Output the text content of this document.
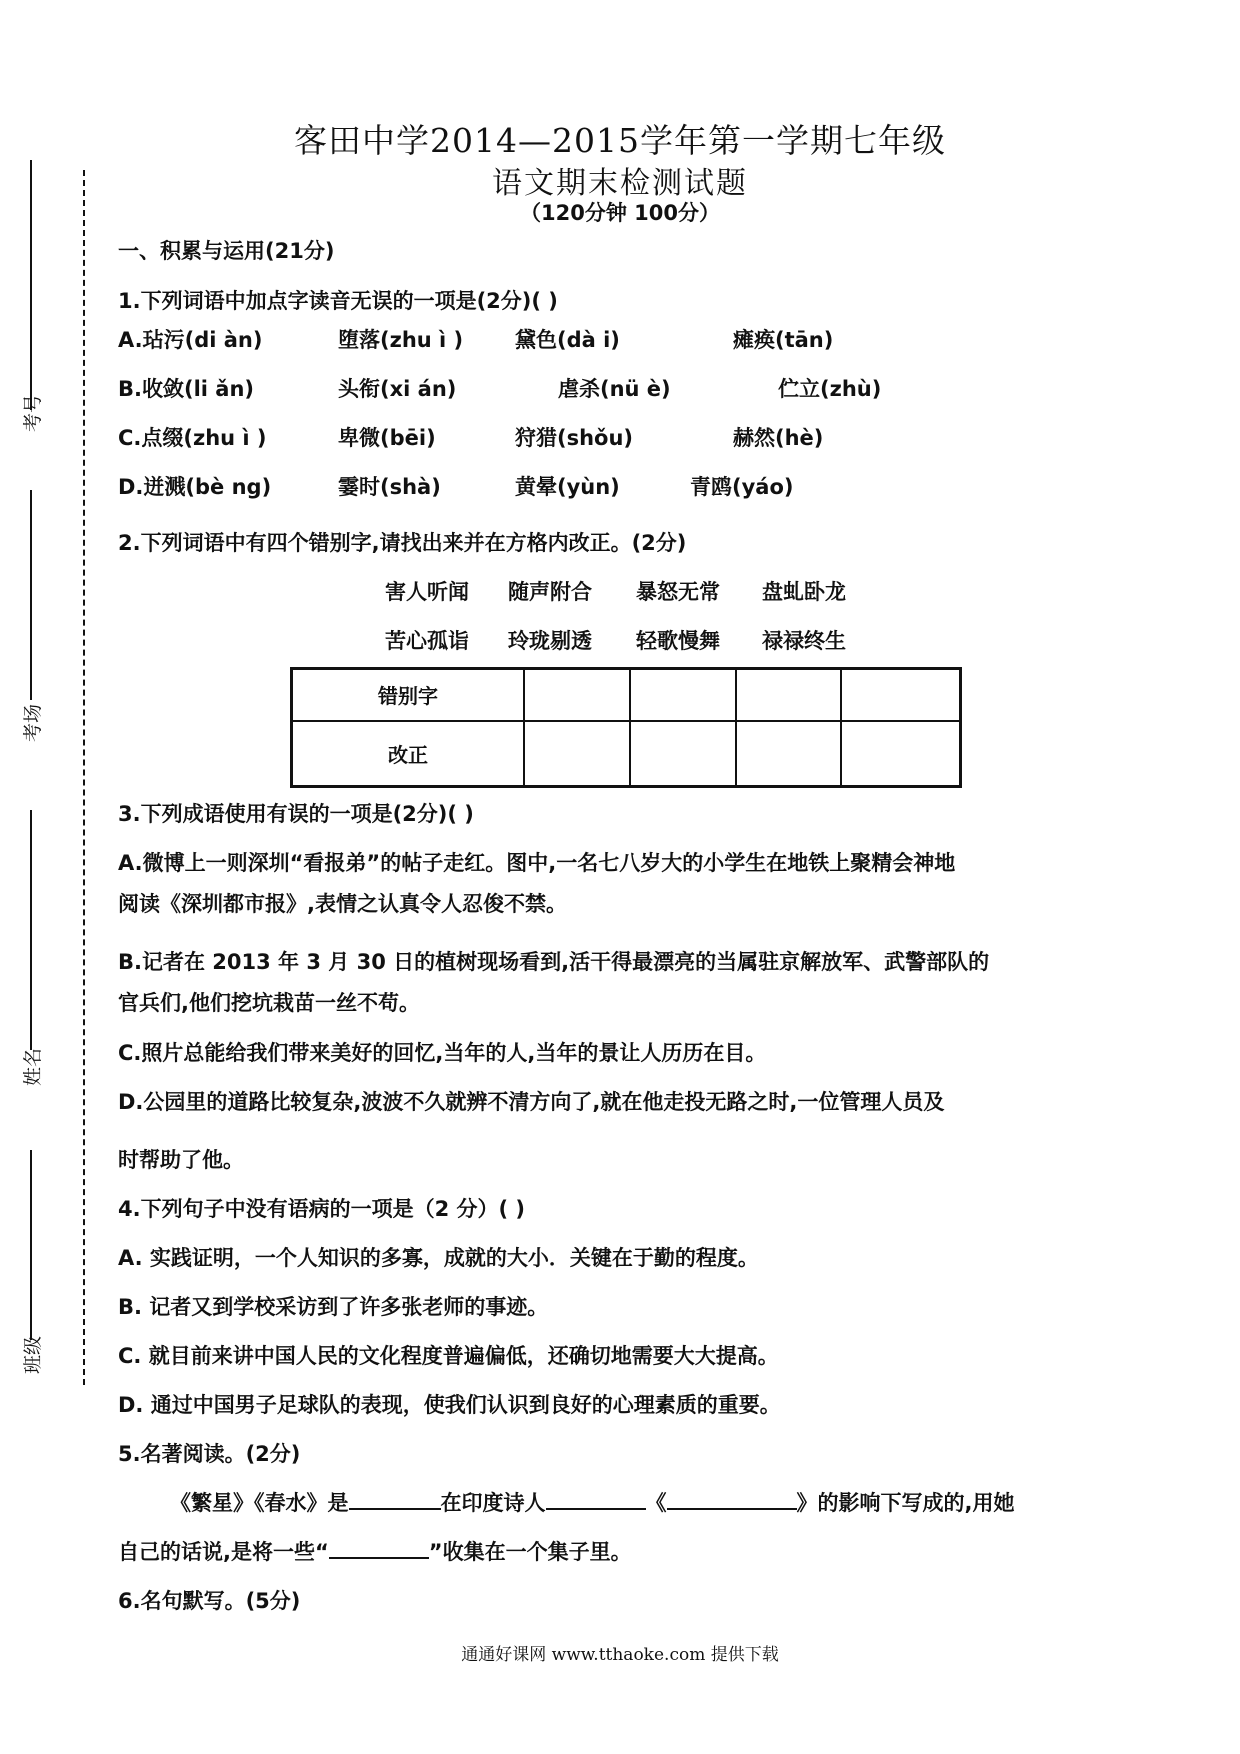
考号
考场
姓名
班级
客田中学2014—2015学年第一学期七年级
语文期末检测试题
（120分钟 100分）
一、积累与运用(21分)
1.下列词语中加点字读音无误的一项是(2分)( )
A.玷污(di àn)	堕落(zhu ì ) 黛色(dà i)	瘫痪(tān)
B.收敛(li ǎn)	头衔(xi án)	虐杀(nü è)	伫立(zhù)
C.点缀(zhu ì )	卑微(bēi)	狩猎(shǒu)	赫然(hè)
D.迸溅(bè ng)	霎时(shà)	黄晕(yùn)	青鸥(yáo)
2.下列词语中有四个错别字,请找出来并在方格内改正。(2分)
害人听闻 随声附合 暴怒无常 盘虬卧龙
苦心孤诣 玲珑剔透 轻歌慢舞 禄禄终生
错别字				
改正				
3.下列成语使用有误的一项是(2分)( )
A.微博上一则深圳“看报弟”的帖子走红。图中,一名七八岁大的小学生在地铁上聚精会神地
阅读《深圳都市报》,表情之认真令人忍俊不禁。
B.记者在 2013 年 3 月 30 日的植树现场看到,活干得最漂亮的当属驻京解放军、武警部队的
官兵们,他们挖坑栽苗一丝不苟。
C.照片总能给我们带来美好的回忆,当年的人,当年的景让人历历在目。
D.公园里的道路比较复杂,波波不久就辨不清方向了,就在他走投无路之时,一位管理人员及
时帮助了他。
4.下列句子中没有语病的一项是（2 分）( )
A. 实践证明，一个人知识的多寡，成就的大小．关键在于勤的程度。
B. 记者又到学校采访到了许多张老师的事迹。
C. 就目前来讲中国人民的文化程度普遍偏低，还确切地需要大大提高。
D. 通过中国男子足球队的表现，使我们认识到良好的心理素质的重要。
5.名著阅读。(2分)
《繁星》《春水》是	在印度诗人	《	》的影响下写成的,用她
自己的话说,是将一些“	”收集在一个集子里。
6.名句默写。(5分)
通通好课网 www.tthaoke.com 提供下载
